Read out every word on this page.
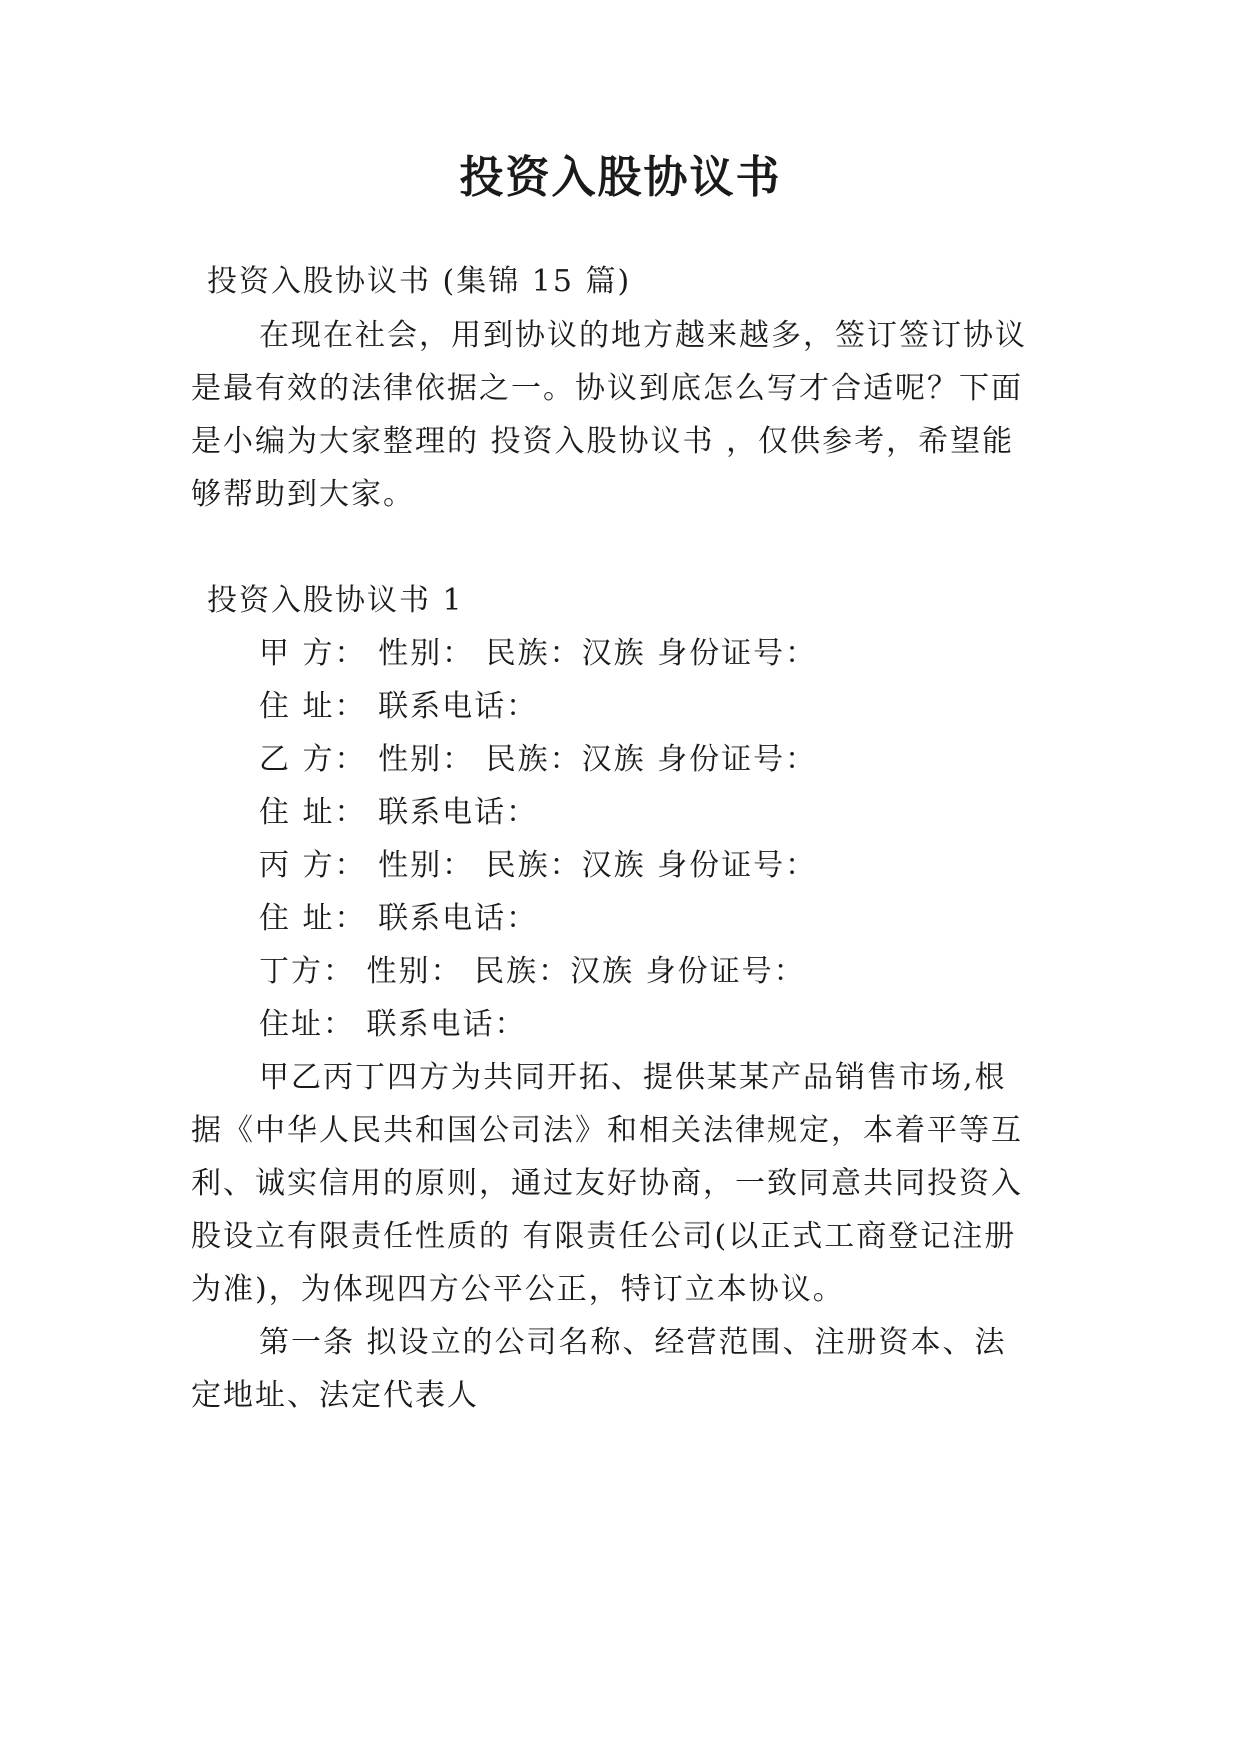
投资入股协议书

投资入股协议书 (集锦 15 篇)

在现在社会，用到协议的地方越来越多，签订签订协议

是最有效的法律依据之一。协议到底怎么写才合适呢？下面

是小编为大家整理的 投资入股协议书 ，仅供参考，希望能

够帮助到大家。

投资入股协议书 1

甲 方： 性别： 民族：汉族 身份证号：

住 址： 联系电话：

乙 方： 性别： 民族：汉族 身份证号：

住 址： 联系电话：

丙 方： 性别： 民族：汉族 身份证号：

住 址： 联系电话：

丁方： 性别： 民族：汉族 身份证号：

住址： 联系电话：

甲乙丙丁四方为共同开拓、提供某某产品销售市场,根

据《中华人民共和国公司法》和相关法律规定，本着平等互

利、诚实信用的原则，通过友好协商，一致同意共同投资入

股设立有限责任性质的 有限责任公司(以正式工商登记注册

为准)，为体现四方公平公正，特订立本协议。

第一条 拟设立的公司名称、经营范围、注册资本、法

定地址、法定代表人
